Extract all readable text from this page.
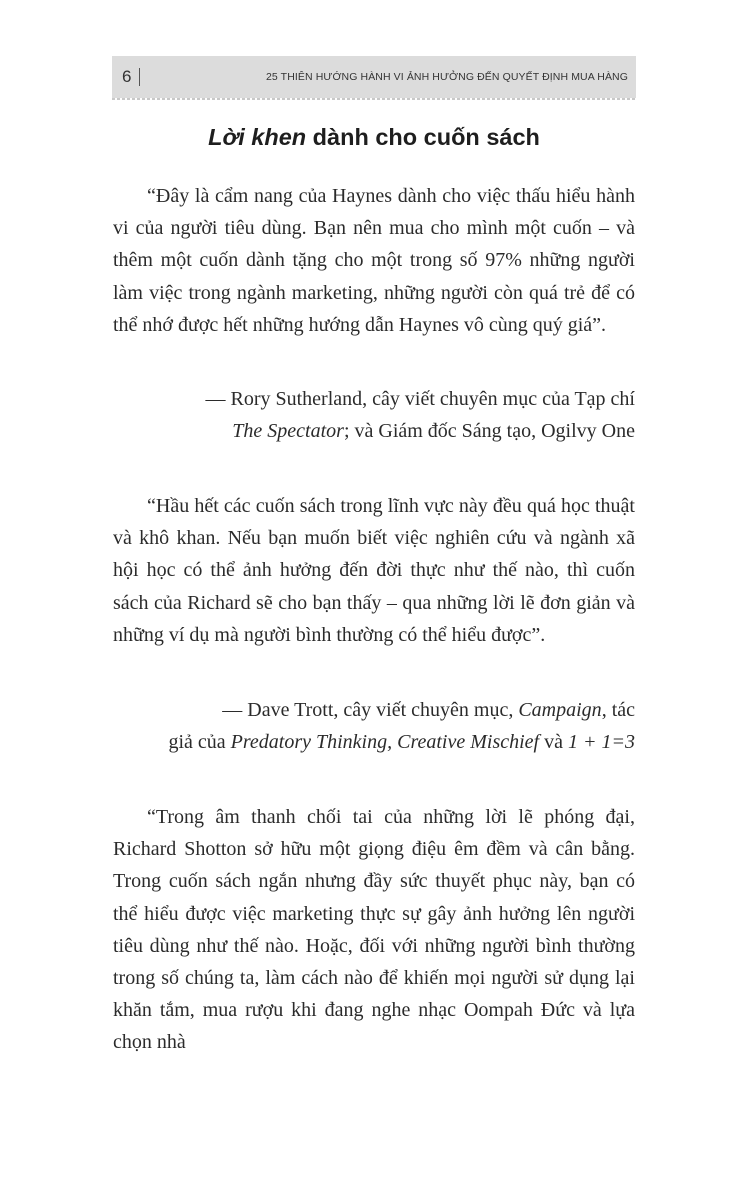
6	25 THIÊN HƯỚNG HÀNH VI ẢNH HƯỞNG ĐẾN QUYẾT ĐỊNH MUA HÀNG
Lời khen dành cho cuốn sách
“Đây là cẩm nang của Haynes dành cho việc thấu hiểu hành vi của người tiêu dùng. Bạn nên mua cho mình một cuốn – và thêm một cuốn dành tặng cho một trong số 97% những người làm việc trong ngành marketing, những người còn quá trẻ để có thể nhớ được hết những hướng dẫn Haynes vô cùng quý giá”.
— Rory Sutherland, cây viết chuyên mục của Tạp chí
The Spectator; và Giám đốc Sáng tạo, Ogilvy One
“Hầu hết các cuốn sách trong lĩnh vực này đều quá học thuật và khô khan. Nếu bạn muốn biết việc nghiên cứu và ngành xã hội học có thể ảnh hưởng đến đời thực như thế nào, thì cuốn sách của Richard sẽ cho bạn thấy – qua những lời lẽ đơn giản và những ví dụ mà người bình thường có thể hiểu được”.
— Dave Trott, cây viết chuyên mục, Campaign, tác
giả của Predatory Thinking, Creative Mischief và 1 + 1=3
“Trong âm thanh chối tai của những lời lẽ phóng đại, Richard Shotton sở hữu một giọng điệu êm đềm và cân bằng. Trong cuốn sách ngắn nhưng đầy sức thuyết phục này, bạn có thể hiểu được việc marketing thực sự gây ảnh hưởng lên người tiêu dùng như thế nào. Hoặc, đối với những người bình thường trong số chúng ta, làm cách nào để khiến mọi người sử dụng lại khăn tắm, mua rượu khi đang nghe nhạc Oompah Đức và lựa chọn nhà
